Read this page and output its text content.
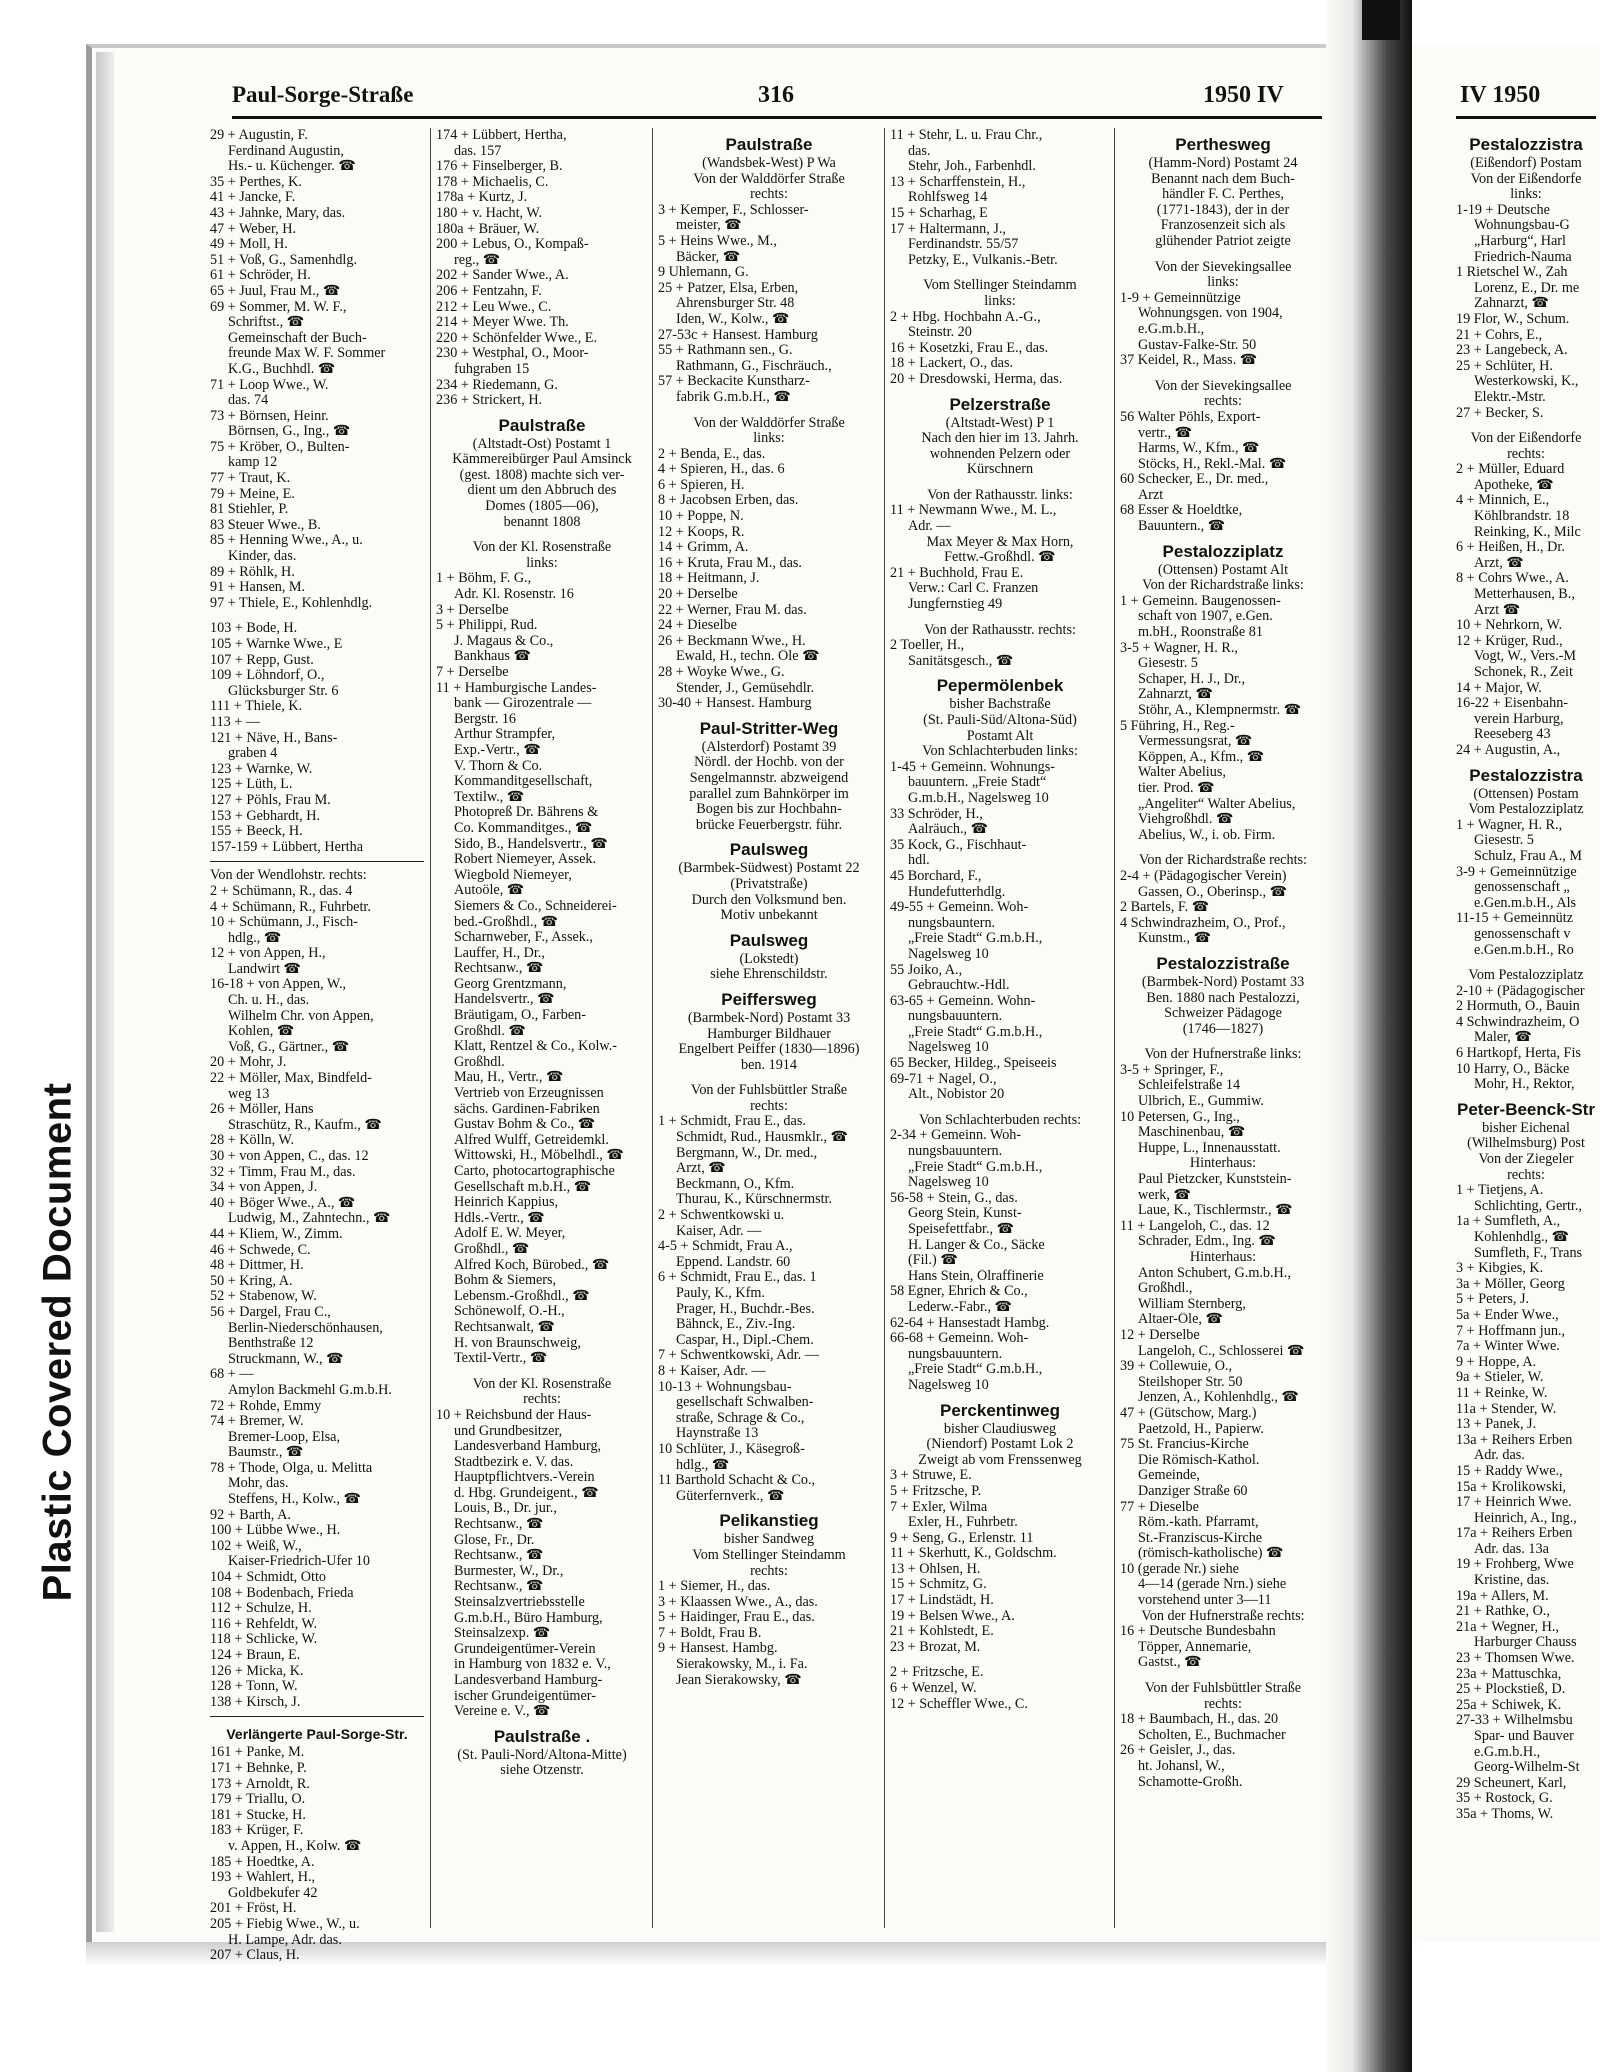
Plastic Covered Document
Paul-Sorge-Straße	316	1950 IV	IV 1950
29 + Augustin, F.
Ferdinand Augustin,
Hs.- u. Küchenger. ☎
35 + Perthes, K.
41 + Jancke, F.
43 + Jahnke, Mary, das.
47 + Weber, H.
49 + Moll, H.
51 + Voß, G., Samenhdlg.
61 + Schröder, H.
65 + Juul, Frau M., ☎
69 + Sommer, M. W. F.,
Schriftst., ☎
Gemeinschaft der Buch-
freunde Max W. F. Sommer
K.G., Buchhdl. ☎
71 + Loop Wwe., W.
das. 74
73 + Börnsen, Heinr.
Börnsen, G., Ing., ☎
75 + Kröber, O., Bulten-
kamp 12
77 + Traut, K.
79 + Meine, E.
81 Stiehler, P.
83 Steuer Wwe., B.
85 + Henning Wwe., A., u.
Kinder, das.
89 + Röhlk, H.
91 + Hansen, M.
97 + Thiele, E., Kohlenhdlg.
103 + Bode, H.
105 + Warnke Wwe., E
107 + Repp, Gust.
109 + Löhndorf, O.,
Glücksburger Str. 6
111 + Thiele, K.
113 + —
121 + Näve, H., Bans-
graben 4
123 + Warnke, W.
125 + Lüth, L.
127 + Pöhls, Frau M.
153 + Gebhardt, H.
155 + Beeck, H.
157-159 + Lübbert, Hertha
Von der Wendlohstr. rechts:
2 + Schümann, R., das. 4
4 + Schümann, R., Fuhrbetr.
10 + Schümann, J., Fisch-
hdlg., ☎
12 + von Appen, H.,
Landwirt ☎
16-18 + von Appen, W.,
Ch. u. H., das.
Wilhelm Chr. von Appen,
Kohlen, ☎
Voß, G., Gärtner., ☎
20 + Mohr, J.
22 + Möller, Max, Bindfeld-
weg 13
26 + Möller, Hans
Straschütz, R., Kaufm., ☎
28 + Kölln, W.
30 + von Appen, C., das. 12
32 + Timm, Frau M., das.
34 + von Appen, J.
40 + Böger Wwe., A., ☎
Ludwig, M., Zahntechn., ☎
44 + Kliem, W., Zimm.
46 + Schwede, C.
48 + Dittmer, H.
50 + Kring, A.
52 + Stabenow, W.
56 + Dargel, Frau C.,
Berlin-Niederschönhausen,
Benthstraße 12
Struckmann, W., ☎
68 + —
Amylon Backmehl G.m.b.H.
72 + Rohde, Emmy
74 + Bremer, W.
Bremer-Loop, Elsa,
Baumstr., ☎
78 + Thode, Olga, u. Melitta
Mohr, das.
Steffens, H., Kolw., ☎
92 + Barth, A.
100 + Lübbe Wwe., H.
102 + Weiß, W.,
Kaiser-Friedrich-Ufer 10
104 + Schmidt, Otto
108 + Bodenbach, Frieda
112 + Schulze, H.
116 + Rehfeldt, W.
118 + Schlicke, W.
124 + Braun, E.
126 + Micka, K.
128 + Tonn, W.
138 + Kirsch, J.
Verlängerte Paul-Sorge-Str.
161 + Panke, M.
171 + Behnke, P.
173 + Arnoldt, R.
179 + Triallu, O.
181 + Stucke, H.
183 + Krüger, F.
v. Appen, H., Kolw. ☎
185 + Hoedtke, A.
193 + Wahlert, H.,
Goldbekufer 42
201 + Fröst, H.
205 + Fiebig Wwe., W., u.
H. Lampe, Adr. das.
207 + Claus, H.
174 + Lübbert, Hertha,
das. 157
176 + Finselberger, B.
178 + Michaelis, C.
178a + Kurtz, J.
180 + v. Hacht, W.
180a + Bräuer, W.
200 + Lebus, O., Kompaß-
reg., ☎
202 + Sander Wwe., A.
206 + Fentzahn, F.
212 + Leu Wwe., C.
214 + Meyer Wwe. Th.
220 + Schönfelder Wwe., E.
230 + Westphal, O., Moor-
fuhgraben 15
234 + Riedemann, G.
236 + Strickert, H.
Paulstraße
(Altstadt-Ost) Postamt 1
Kämmereibürger Paul Amsinck
(gest. 1808) machte sich ver-
dient um den Abbruch des
Domes (1805—06),
benannt 1808
Von der Kl. Rosenstraße
links:
1 + Böhm, F. G.,
Adr. Kl. Rosenstr. 16
3 + Derselbe
5 + Philippi, Rud.
J. Magaus & Co.,
Bankhaus ☎
7 + Derselbe
11 + Hamburgische Landes-
bank — Girozentrale —
Bergstr. 16
Arthur Strampfer,
Exp.-Vertr., ☎
V. Thorn & Co.
Kommanditgesellschaft,
Textilw., ☎
Photopreß Dr. Bährens &
Co. Kommanditges., ☎
Sido, B., Handelsvertr., ☎
Robert Niemeyer, Assek.
Wiegbold Niemeyer,
Autoöle, ☎
Siemers & Co., Schneiderei-
bed.-Großhdl., ☎
Scharnweber, F., Assek.,
Lauffer, H., Dr.,
Rechtsanw., ☎
Georg Grentzmann,
Handelsvertr., ☎
Bräutigam, O., Farben-
Großhdl. ☎
Klatt, Rentzel & Co., Kolw.-
Großhdl.
Mau, H., Vertr., ☎
Vertrieb von Erzeugnissen
sächs. Gardinen-Fabriken
Gustav Bohm & Co., ☎
Alfred Wulff, Getreidemkl.
Wittowski, H., Möbelhdl., ☎
Carto, photocartographische
Gesellschaft m.b.H., ☎
Heinrich Kappius,
Hdls.-Vertr., ☎
Adolf E. W. Meyer,
Großhdl., ☎
Alfred Koch, Bürobed., ☎
Bohm & Siemers,
Lebensm.-Großhdl., ☎
Schönewolf, O.-H.,
Rechtsanwalt, ☎
H. von Braunschweig,
Textil-Vertr., ☎
Von der Kl. Rosenstraße
rechts:
10 + Reichsbund der Haus-
und Grundbesitzer,
Landesverband Hamburg,
Stadtbezirk e. V. das.
Hauptpflichtvers.-Verein
d. Hbg. Grundeigent., ☎
Louis, B., Dr. jur.,
Rechtsanw., ☎
Glose, Fr., Dr.
Rechtsanw., ☎
Burmester, W., Dr.,
Rechtsanw., ☎
Steinsalzvertriebsstelle
G.m.b.H., Büro Hamburg,
Steinsalzexp. ☎
Grundeigentümer-Verein
in Hamburg von 1832 e. V.,
Landesverband Hamburg-
ischer Grundeigentümer-
Vereine e. V., ☎
Paulstraße .
(St. Pauli-Nord/Altona-Mitte)
siehe Otzenstr.
Paulstraße
(Wandsbek-West) P Wa
Von der Walddörfer Straße
rechts:
3 + Kemper, F., Schlosser-
meister, ☎
5 + Heins Wwe., M.,
Bäcker, ☎
9 Uhlemann, G.
25 + Patzer, Elsa, Erben,
Ahrensburger Str. 48
Iden, W., Kolw., ☎
27-53c + Hansest. Hamburg
55 + Rathmann sen., G.
Rathmann, G., Fischräuch.,
57 + Beckacite Kunstharz-
fabrik G.m.b.H., ☎
Von der Walddörfer Straße
links:
2 + Benda, E., das.
4 + Spieren, H., das. 6
6 + Spieren, H.
8 + Jacobsen Erben, das.
10 + Poppe, N.
12 + Koops, R.
14 + Grimm, A.
16 + Kruta, Frau M., das.
18 + Heitmann, J.
20 + Derselbe
22 + Werner, Frau M. das.
24 + Dieselbe
26 + Beckmann Wwe., H.
Ewald, H., techn. Öle ☎
28 + Woyke Wwe., G.
Stender, J., Gemüsehdlr.
30-40 + Hansest. Hamburg
Paul-Stritter-Weg
(Alsterdorf) Postamt 39
Nördl. der Hochb. von der
Sengelmannstr. abzweigend
parallel zum Bahnkörper im
Bogen bis zur Hochbahn-
brücke Feuerbergstr. führ.
Paulsweg
(Barmbek-Südwest) Postamt 22
(Privatstraße)
Durch den Volksmund ben.
Motiv unbekannt
Paulsweg
(Lokstedt)
siehe Ehrenschildstr.
Peiffersweg
(Barmbek-Nord) Postamt 33
Hamburger Bildhauer
Engelbert Peiffer (1830—1896)
ben. 1914
Von der Fuhlsbüttler Straße
rechts:
1 + Schmidt, Frau E., das.
Schmidt, Rud., Hausmklr., ☎
Bergmann, W., Dr. med.,
Arzt, ☎
Beckmann, O., Kfm.
Thurau, K., Kürschnermstr.
2 + Schwentkowski u.
Kaiser, Adr. —
4-5 + Schmidt, Frau A.,
Eppend. Landstr. 60
6 + Schmidt, Frau E., das. 1
Pauly, K., Kfm.
Prager, H., Buchdr.-Bes.
Bähnck, E., Ziv.-Ing.
Caspar, H., Dipl.-Chem.
7 + Schwentkowski, Adr. —
8 + Kaiser, Adr. —
10-13 + Wohnungsbau-
gesellschaft Schwalben-
straße, Schrage & Co.,
Haynstraße 13
10 Schlüter, J., Käsegroß-
hdlg., ☎
11 Barthold Schacht & Co.,
Güterfernverk., ☎
Pelikanstieg
bisher Sandweg
Vom Stellinger Steindamm
rechts:
1 + Siemer, H., das.
3 + Klaassen Wwe., A., das.
5 + Haidinger, Frau E., das.
7 + Boldt, Frau B.
9 + Hansest. Hambg.
Sierakowsky, M., i. Fa.
Jean Sierakowsky, ☎
11 + Stehr, L. u. Frau Chr.,
das.
Stehr, Joh., Farbenhdl.
13 + Scharffenstein, H.,
Rohlfsweg 14
15 + Scharhag, E
17 + Haltermann, J.,
Ferdinandstr. 55/57
Petzky, E., Vulkanis.-Betr.
Vom Stellinger Steindamm
links:
2 + Hbg. Hochbahn A.-G.,
Steinstr. 20
16 + Kosetzki, Frau E., das.
18 + Lackert, O., das.
20 + Dresdowski, Herma, das.
Pelzerstraße
(Altstadt-West) P 1
Nach den hier im 13. Jahrh.
wohnenden Pelzern oder
Kürschnern
Von der Rathausstr. links:
11 + Newmann Wwe., M. L.,
Adr. —
Max Meyer & Max Horn,
Fettw.-Großhdl. ☎
21 + Buchhold, Frau E.
Verw.: Carl C. Franzen
Jungfernstieg 49
Von der Rathausstr. rechts:
2 Toeller, H.,
Sanitätsgesch., ☎
Pepermölenbek
bisher Bachstraße
(St. Pauli-Süd/Altona-Süd)
Postamt Alt
Von Schlachterbuden links:
1-45 + Gemeinn. Wohnungs-
bauuntern. „Freie Stadt“
G.m.b.H., Nagelsweg 10
33 Schröder, H.,
Aalräuch., ☎
35 Kock, G., Fischhaut-
hdl.
45 Borchard, F.,
Hundefutterhdlg.
49-55 + Gemeinn. Woh-
nungsbauntern.
„Freie Stadt“ G.m.b.H.,
Nagelsweg 10
55 Joiko, A.,
Gebrauchtw.-Hdl.
63-65 + Gemeinn. Wohn-
nungsbauuntern.
„Freie Stadt“ G.m.b.H.,
Nagelsweg 10
65 Becker, Hildeg., Speiseeis
69-71 + Nagel, O.,
Alt., Nobistor 20
Von Schlachterbuden rechts:
2-34 + Gemeinn. Woh-
nungsbauuntern.
„Freie Stadt“ G.m.b.H.,
Nagelsweg 10
56-58 + Stein, G., das.
Georg Stein, Kunst-
Speisefettfabr., ☎
H. Langer & Co., Säcke
(Fil.) ☎
Hans Stein, Ölraffinerie
58 Egner, Ehrich & Co.,
Lederw.-Fabr., ☎
62-64 + Hansestadt Hambg.
66-68 + Gemeinn. Woh-
nungsbauuntern.
„Freie Stadt“ G.m.b.H.,
Nagelsweg 10
Perckentinweg
bisher Claudiusweg
(Niendorf) Postamt Lok 2
Zweigt ab vom Frenssenweg
3 + Struwe, E.
5 + Fritzsche, P.
7 + Exler, Wilma
Exler, H., Fuhrbetr.
9 + Seng, G., Erlenstr. 11
11 + Skerhutt, K., Goldschm.
13 + Ohlsen, H.
15 + Schmitz, G.
17 + Lindstädt, H.
19 + Belsen Wwe., A.
21 + Kohlstedt, E.
23 + Brozat, M.
2 + Fritzsche, E.
6 + Wenzel, W.
12 + Scheffler Wwe., C.
Perthesweg
(Hamm-Nord) Postamt 24
Benannt nach dem Buch-
händler F. C. Perthes,
(1771-1843), der in der
Franzosenzeit sich als
glühender Patriot zeigte
Von der Sievekingsallee
links:
1-9 + Gemeinnützige
Wohnungsgen. von 1904,
e.G.m.b.H.,
Gustav-Falke-Str. 50
37 Keidel, R., Mass. ☎
Von der Sievekingsallee
rechts:
56 Walter Pöhls, Export-
vertr., ☎
Harms, W., Kfm., ☎
Stöcks, H., Rekl.-Mal. ☎
60 Schecker, E., Dr. med.,
Arzt
68 Esser & Hoeldtke,
Bauuntern., ☎
Pestalozziplatz
(Ottensen) Postamt Alt
Von der Richardstraße links:
1 + Gemeinn. Baugenossen-
schaft von 1907, e.Gen.
m.bH., Roonstraße 81
3-5 + Wagner, H. R.,
Giesestr. 5
Schaper, H. J., Dr.,
Zahnarzt, ☎
Stöhr, A., Klempnermstr. ☎
5 Führing, H., Reg.-
Vermessungsrat, ☎
Köppen, A., Kfm., ☎
Walter Abelius,
tier. Prod. ☎
„Angeliter“ Walter Abelius,
Viehgroßhdl. ☎
Abelius, W., i. ob. Firm.
Von der Richardstraße rechts:
2-4 + (Pädagogischer Verein)
Gassen, O., Oberinsp., ☎
2 Bartels, F. ☎
4 Schwindrazheim, O., Prof.,
Kunstm., ☎
Pestalozzistraße
(Barmbek-Nord) Postamt 33
Ben. 1880 nach Pestalozzi,
Schweizer Pädagoge
(1746—1827)
Von der Hufnerstraße links:
3-5 + Springer, F.,
Schleifelstraße 14
Ulbrich, E., Gummiw.
10 Petersen, G., Ing.,
Maschinenbau, ☎
Huppe, L., Innenausstatt.
Hinterhaus:
Paul Pietzcker, Kunststein-
werk, ☎
Laue, K., Tischlermstr., ☎
11 + Langeloh, C., das. 12
Schrader, Edm., Ing. ☎
Hinterhaus:
Anton Schubert, G.m.b.H.,
Großhdl.,
William Sternberg,
Altaer-Öle, ☎
12 + Derselbe
Langeloh, C., Schlosserei ☎
39 + Collewuie, O.,
Steilshoper Str. 50
Jenzen, A., Kohlenhdlg., ☎
47 + (Gütschow, Marg.)
Paetzold, H., Papierw.
75 St. Francius-Kirche
Die Römisch-Kathol.
Gemeinde,
Danziger Straße 60
77 + Dieselbe
Röm.-kath. Pfarramt,
St.-Franziscus-Kirche
(römisch-katholische) ☎
10 (gerade Nr.) siehe
4—14 (gerade Nrn.) siehe
vorstehend unter 3—11
Von der Hufnerstraße rechts:
16 + Deutsche Bundesbahn
Töpper, Annemarie,
Gastst., ☎
Von der Fuhlsbüttler Straße
rechts:
18 + Baumbach, H., das. 20
Scholten, E., Buchmacher
26 + Geisler, J., das.
ht. Johansl, W.,
Schamotte-Großh.
Pestalozzistra
(Eißendorf) Postam
Von der Eißendorfe
links:
1-19 + Deutsche
Wohnungsbau-G
„Harburg“, Harl
Friedrich-Nauma
1 Rietschel W., Zah
Lorenz, E., Dr. me
Zahnarzt, ☎
19 Flor, W., Schum.
21 + Cohrs, E.,
23 + Langebeck, A.
25 + Schlüter, H.
Westerkowski, K.,
Elektr.-Mstr.
27 + Becker, S.
Von der Eißendorfe
rechts:
2 + Müller, Eduard
Apotheke, ☎
4 + Minnich, E.,
Köhlbrandstr. 18
Reinking, K., Milc
6 + Heißen, H., Dr.
Arzt, ☎
8 + Cohrs Wwe., A.
Metterhausen, B.,
Arzt ☎
10 + Nehrkorn, W.
12 + Krüger, Rud.,
Vogt, W., Vers.-M
Schonek, R., Zeit
14 + Major, W.
16-22 + Eisenbahn-
verein Harburg,
Reeseberg 43
24 + Augustin, A.,
Pestalozzistra
(Ottensen) Postam
Vom Pestalozziplatz
1 + Wagner, H. R.,
Giesestr. 5
Schulz, Frau A., M
3-9 + Gemeinnützige
genossenschaft „
e.Gen.m.b.H., Als
11-15 + Gemeinnütz
genossenschaft v
e.Gen.m.b.H., Ro
Vom Pestalozziplatz
2-10 + (Pädagogischer
2 Hormuth, O., Bauin
4 Schwindrazheim, O
Maler, ☎
6 Hartkopf, Herta, Fis
10 Harry, O., Bäcke
Mohr, H., Rektor,
Peter-Beenck-Str
bisher Eichenal
(Wilhelmsburg) Post
Von der Ziegeler
rechts:
1 + Tietjens, A.
Schlichting, Gertr.,
1a + Sumfleth, A.,
Kohlenhdlg., ☎
Sumfleth, F., Trans
3 + Kibgies, K.
3a + Möller, Georg
5 + Peters, J.
5a + Ender Wwe.,
7 + Hoffmann jun.,
7a + Winter Wwe.
9 + Hoppe, A.
9a + Stieler, W.
11 + Reinke, W.
11a + Stender, W.
13 + Panek, J.
13a + Reihers Erben
Adr. das.
15 + Raddy Wwe.,
15a + Krolikowski,
17 + Heinrich Wwe.
Heinrich, A., Ing.,
17a + Reihers Erben
Adr. das. 13a
19 + Frohberg, Wwe
Kristine, das.
19a + Allers, M.
21 + Rathke, O.,
21a + Wegner, H.,
Harburger Chauss
23 + Thomsen Wwe.
23a + Mattuschka,
25 + Plockstieß, D.
25a + Schiwek, K.
27-33 + Wilhelmsbu
Spar- und Bauver
e.G.m.b.H.,
Georg-Wilhelm-St
29 Scheunert, Karl,
35 + Rostock, G.
35a + Thoms, W.
